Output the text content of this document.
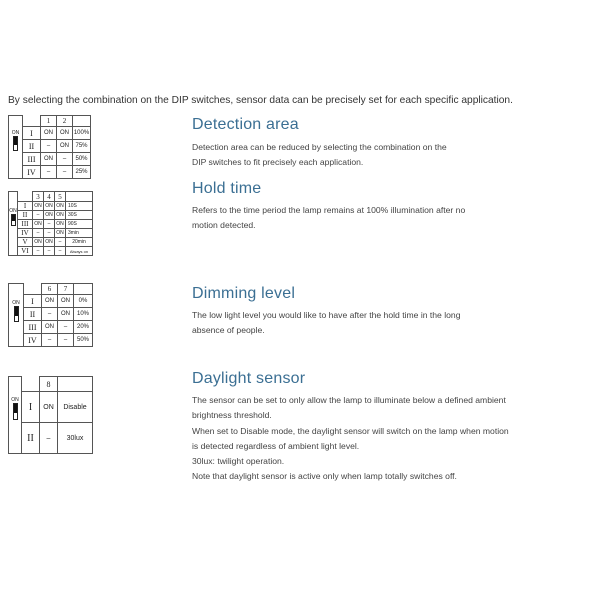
By selecting the combination on the DIP switches, sensor data can be precisely set for each specific application.
ON		1	2	
	I	ON	ON	100%
	II	–	ON	75%
	III	ON	–	50%
	IV	–	–	25%
Detection area

Detection area can be reduced by selecting the combination on the

DIP switches to fit precisely each application.

ON		3	4	5	
	I	ON	ON	ON	10S
	II	–	ON	ON	30S
	III	ON	–	ON	90S
	IV	–	–	ON	3min
	V	ON	ON	–	20min
	VI	–	–	–	Always on
Hold time

Refers to the time period the lamp remains at 100% illumination after no

motion detected.

ON		6	7	
	I	ON	ON	0%
	II	–	ON	10%
	III	ON	–	20%
	IV	–	–	50%
Dimming level

The low light level you would like to have after the hold time in the long

absence of people.

ON		8	
	I	ON	Disable
	II	–	30lux
Daylight sensor

The sensor can be set to only allow the lamp to illuminate below a defined ambient

brightness threshold.

When set to Disable mode, the daylight sensor will switch on the lamp when motion

is detected regardless of ambient light level.

30lux: twilight operation.

Note that daylight sensor is active only when lamp totally switches off.
